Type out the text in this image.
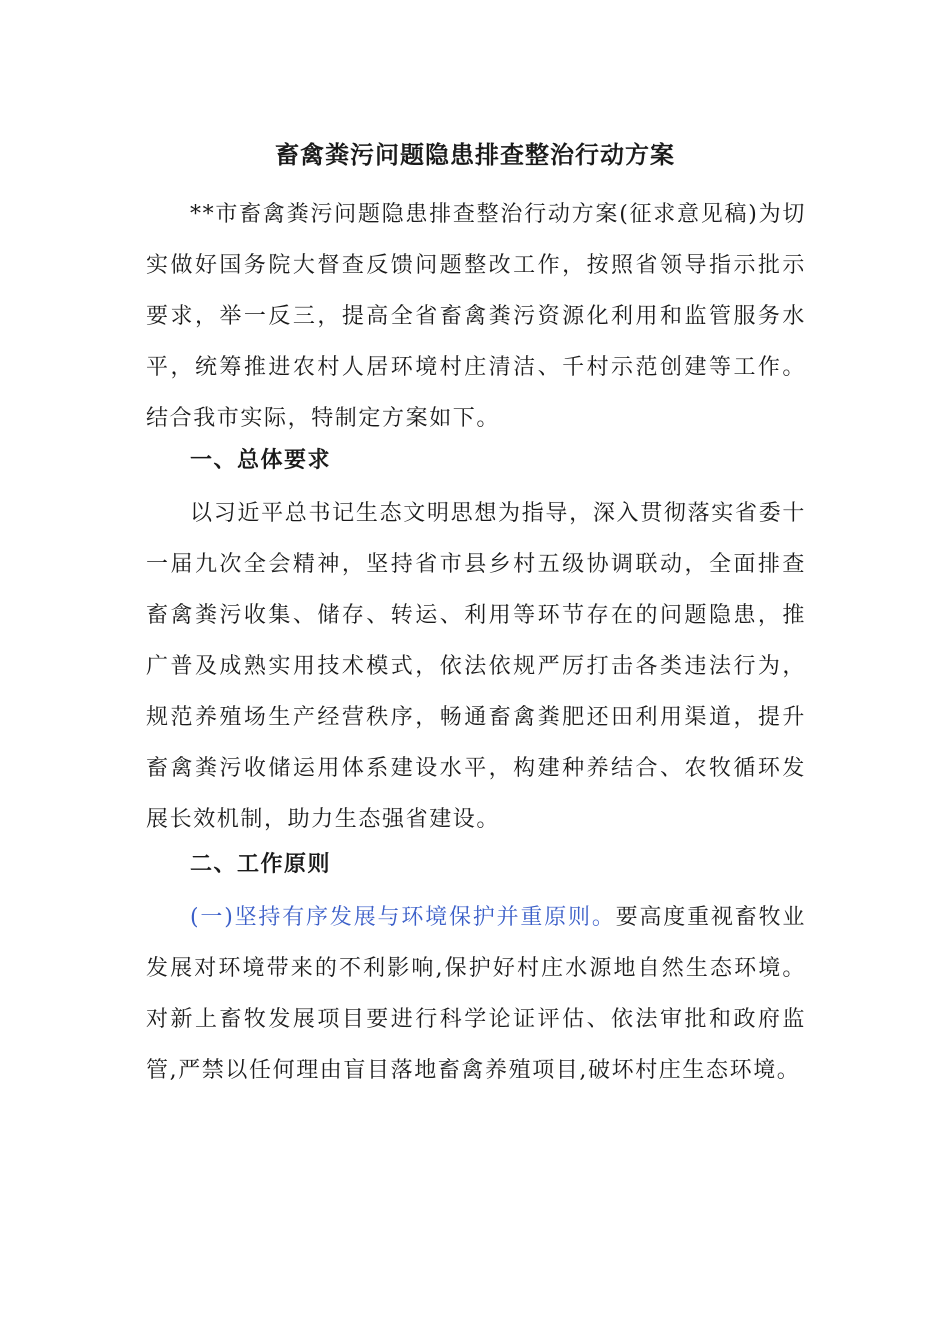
畜禽粪污问题隐患排查整治行动方案

**市畜禽粪污问题隐患排查整治行动方案(征求意见稿)为切实做好国务院大督查反馈问题整改工作，按照省领导指示批示要求，举一反三，提高全省畜禽粪污资源化利用和监管服务水平，统筹推进农村人居环境村庄清洁、千村示范创建等工作。结合我市实际，特制定方案如下。

一、总体要求

以习近平总书记生态文明思想为指导，深入贯彻落实省委十一届九次全会精神，坚持省市县乡村五级协调联动，全面排查畜禽粪污收集、储存、转运、利用等环节存在的问题隐患，推广普及成熟实用技术模式，依法依规严厉打击各类违法行为，规范养殖场生产经营秩序，畅通畜禽粪肥还田利用渠道，提升畜禽粪污收储运用体系建设水平，构建种养结合、农牧循环发展长效机制，助力生态强省建设。

二、工作原则

(一)坚持有序发展与环境保护并重原则。要高度重视畜牧业发展对环境带来的不利影响,保护好村庄水源地自然生态环境。对新上畜牧发展项目要进行科学论证评估、依法审批和政府监管,严禁以任何理由盲目落地畜禽养殖项目,破坏村庄生态环境。
